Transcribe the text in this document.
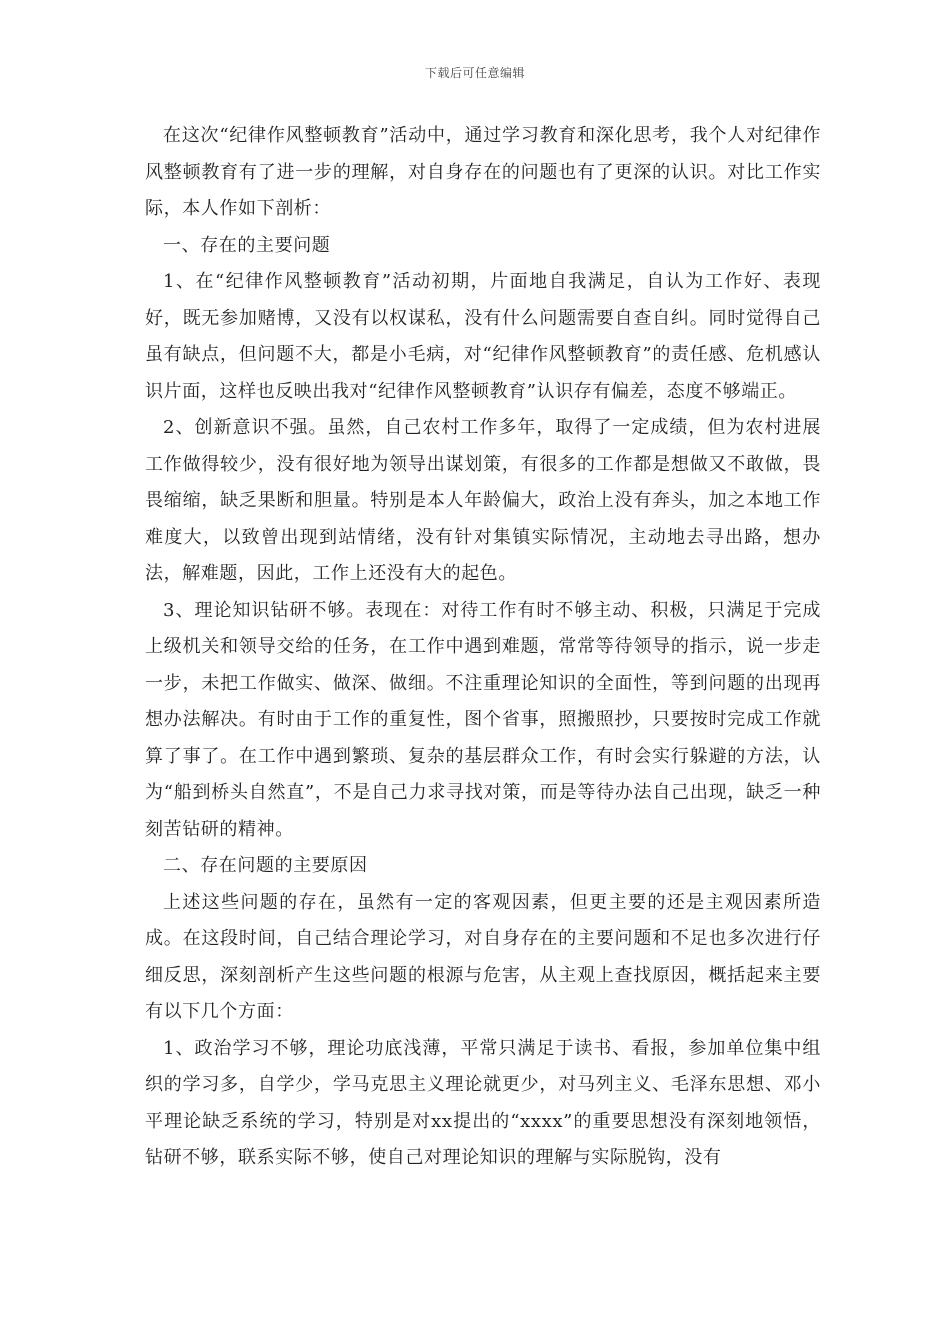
下载后可任意编辑

在这次“纪律作风整顿教育”活动中，通过学习教育和深化思考，我个人对纪律作风整顿教育有了进一步的理解，对自身存在的问题也有了更深的认识。对比工作实际，本人作如下剖析：

一、存在的主要问题

1、在“纪律作风整顿教育”活动初期，片面地自我满足，自认为工作好、表现好，既无参加赌博，又没有以权谋私，没有什么问题需要自查自纠。同时觉得自己虽有缺点，但问题不大，都是小毛病，对“纪律作风整顿教育”的责任感、危机感认识片面，这样也反映出我对“纪律作风整顿教育”认识存有偏差，态度不够端正。

2、创新意识不强。虽然，自己农村工作多年，取得了一定成绩，但为农村进展工作做得较少，没有很好地为领导出谋划策，有很多的工作都是想做又不敢做，畏畏缩缩，缺乏果断和胆量。特别是本人年龄偏大，政治上没有奔头，加之本地工作难度大，以致曾出现到站情绪，没有针对集镇实际情况，主动地去寻出路，想办法，解难题，因此，工作上还没有大的起色。

3、理论知识钻研不够。表现在：对待工作有时不够主动、积极，只满足于完成上级机关和领导交给的任务，在工作中遇到难题，常常等待领导的指示，说一步走一步，未把工作做实、做深、做细。不注重理论知识的全面性，等到问题的出现再想办法解决。有时由于工作的重复性，图个省事，照搬照抄，只要按时完成工作就算了事了。在工作中遇到繁琐、复杂的基层群众工作，有时会实行躲避的方法，认为“船到桥头自然直”，不是自己力求寻找对策，而是等待办法自己出现，缺乏一种刻苦钻研的精神。

二、存在问题的主要原因

上述这些问题的存在，虽然有一定的客观因素，但更主要的还是主观因素所造成。在这段时间，自己结合理论学习，对自身存在的主要问题和不足也多次进行仔细反思，深刻剖析产生这些问题的根源与危害，从主观上查找原因，概括起来主要有以下几个方面：

1、政治学习不够，理论功底浅薄，平常只满足于读书、看报，参加单位集中组织的学习多，自学少，学马克思主义理论就更少，对马列主义、毛泽东思想、邓小平理论缺乏系统的学习，特别是对xx提出的“xxxx”的重要思想没有深刻地领悟，钻研不够，联系实际不够，使自己对理论知识的理解与实际脱钩，没有
